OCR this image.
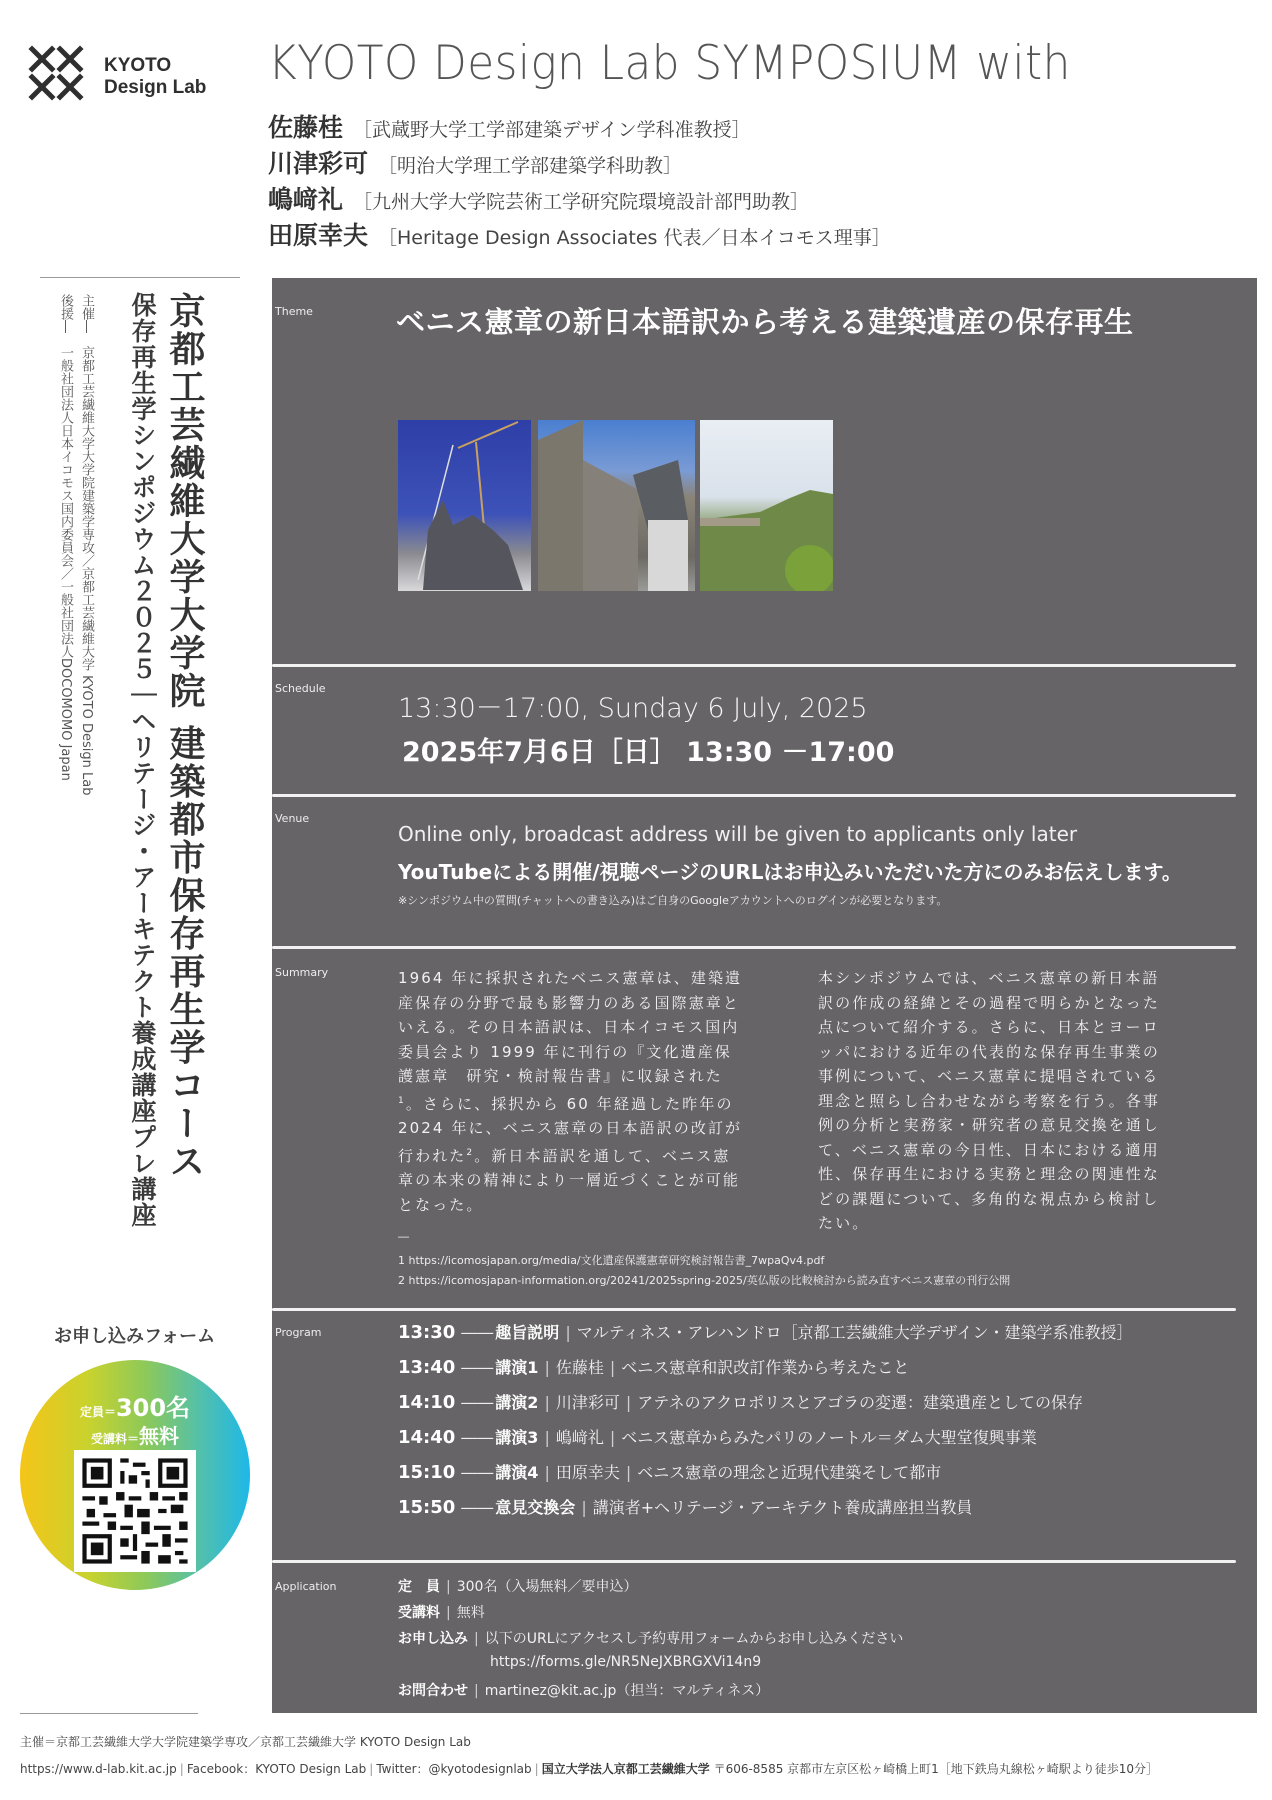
KYOTO
Design Lab KYOTO Design Lab SYMPOSIUM with
佐藤桂 ［武蔵野大学工学部建築デザイン学科准教授］
川津彩可 ［明治大学理工学部建築学科助教］
嶋﨑礼 ［九州大学大学院芸術工学研究院環境設計部門助教］
田原幸夫 ［Heritage Design Associates 代表／日本イコモス理事］
京都工芸繊維大学大学院 建築都市保存再生学コース
保存再生学シンポジウム２０２５｜ヘリテージ・アーキテクト養成講座プレ講座
主催―　京都工芸繊維大学大学院建築学専攻／京都工芸繊維大学 KYOTO Design Lab
後援―　一般社団法人日本イコモス国内委員会／一般社団法人DOCOMOMO Japan
お申し込みフォーム
定員＝300名
受講料＝無料
Theme	ベニス憲章の新日本語訳から考える建築遺産の保存再生
Schedule
13:30－17:00, Sunday 6 July, 2025
2025年7月6日［日］ 13:30 －17:00
Venue
Online only, broadcast address will be given to applicants only later
YouTubeによる開催/視聴ページのURLはお申込みいただいた方にのみお伝えします。
※シンポジウム中の質問(チャットへの書き込み)はご自身のGoogleアカウントへのログインが必要となります。
Summary	1964 年に採択されたベニス憲章は、建築遺産保存の分野で最も影響力のある国際憲章といえる。その日本語訳は、日本イコモス国内委員会より 1999 年に刊行の『文化遺産保護憲章　研究・検討報告書』に収録された$^1$。さらに、採択から 60 年経過した昨年の 2024 年に、ベニス憲章の日本語訳の改訂が行われた$^2$。新日本語訳を通して、ベニス憲章の本来の精神により一層近づくことが可能となった。
本シンポジウムでは、ベニス憲章の新日本語訳の作成の経緯とその過程で明らかとなった点について紹介する。さらに、日本とヨーロッパにおける近年の代表的な保存再生事業の事例について、ベニス憲章に提唱されている理念と照らし合わせながら考察を行う。各事例の分析と実務家・研究者の意見交換を通して、ベニス憲章の今日性、日本における適用性、保存再生における実務と理念の関連性などの課題について、多角的な視点から検討したい。
―
1 https://icomosjapan.org/media/文化遺産保護憲章研究検討報告書_7wpaQv4.pdf
2 https://icomosjapan-information.org/20241/2025spring-2025/英仏版の比較検討から読み直すベニス憲章の刊行公開
Program	13:30 ―― 趣旨説明 | マルティネス・アレハンドロ［京都工芸繊維大学デザイン・建築学系准教授］
13:40 ―― 講演1 | 佐藤桂 | ベニス憲章和訳改訂作業から考えたこと
14:10 ―― 講演2 | 川津彩可 | アテネのアクロポリスとアゴラの変遷：建築遺産としての保存
14:40 ―― 講演3 | 嶋﨑礼 | ベニス憲章からみたパリのノートル＝ダム大聖堂復興事業
15:10 ―― 講演4 | 田原幸夫 | ベニス憲章の理念と近現代建築そして都市
15:50 ―― 意見交換会 | 講演者+ヘリテージ・アーキテクト養成講座担当教員
Application	定　員 | 300名（入場無料／要申込）
受講料 | 無料
お申し込み | 以下のURLにアクセスし予約専用フォームからお申し込みください
https://forms.gle/NR5NeJXBRGXVi14n9
お問合わせ | martinez@kit.ac.jp（担当：マルティネス）
主催＝京都工芸繊維大学大学院建築学専攻／京都工芸繊維大学 KYOTO Design Lab
https://www.d-lab.kit.ac.jp | Facebook：KYOTO Design Lab | Twitter：@kyotodesignlab | 国立大学法人京都工芸繊維大学 〒606-8585 京都市左京区松ヶ崎橋上町1［地下鉄烏丸線松ヶ崎駅より徒歩10分］
